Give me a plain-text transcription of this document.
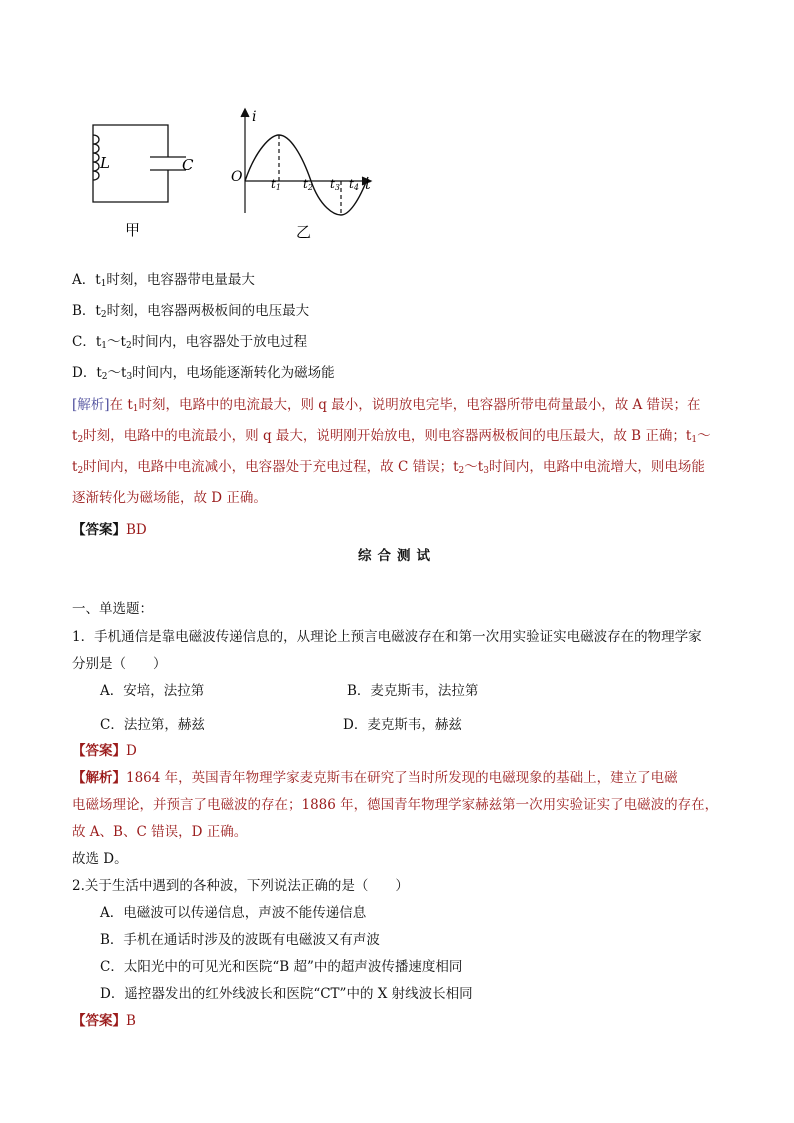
L	C
甲
i
t
O t1 t2 t3 t4
乙
A．$t_1$时刻，电容器带电量最大
B．$t_2$时刻，电容器两极板间的电压最大
C．$t_1\sim t_2$时间内，电容器处于放电过程
D．$t_2\sim t_3$时间内，电场能逐渐转化为磁场能
[解析]在 $t_1$时刻，电路中的电流最大，则 q 最小，说明放电完毕，电容器所带电荷量最小，故 A 错误；在
$t_2$时刻，电路中的电流最小，则 q 最大，说明刚开始放电，则电容器两极板间的电压最大，故 B 正确；$t_1\sim$
$t_2$时间内，电路中电流减小，电容器处于充电过程，故 C 错误；$t_2\sim t_3$时间内，电路中电流增大，则电场能
逐渐转化为磁场能，故 D 正确。
【答案】BD
综合测试
一、单选题：
1．手机通信是靠电磁波传递信息的，从理论上预言电磁波存在和第一次用实验证实电磁波存在的物理学家
分别是（　　）
A．安培，法拉第	B．麦克斯韦，法拉第
C．法拉第，赫兹	D．麦克斯韦，赫兹
【答案】D
【解析】1864 年，英国青年物理学家麦克斯韦在研究了当时所发现的电磁现象的基础上，建立了电磁
电磁场理论，并预言了电磁波的存在；1886 年，德国青年物理学家赫兹第一次用实验证实了电磁波的存在，
故 A、B、C 错误，D 正确。
故选 D。
2.关于生活中遇到的各种波，下列说法正确的是（　　）
A．电磁波可以传递信息，声波不能传递信息
B．手机在通话时涉及的波既有电磁波又有声波
C．太阳光中的可见光和医院“B 超”中的超声波传播速度相同
D．遥控器发出的红外线波长和医院“CT”中的 X 射线波长相同
【答案】B
